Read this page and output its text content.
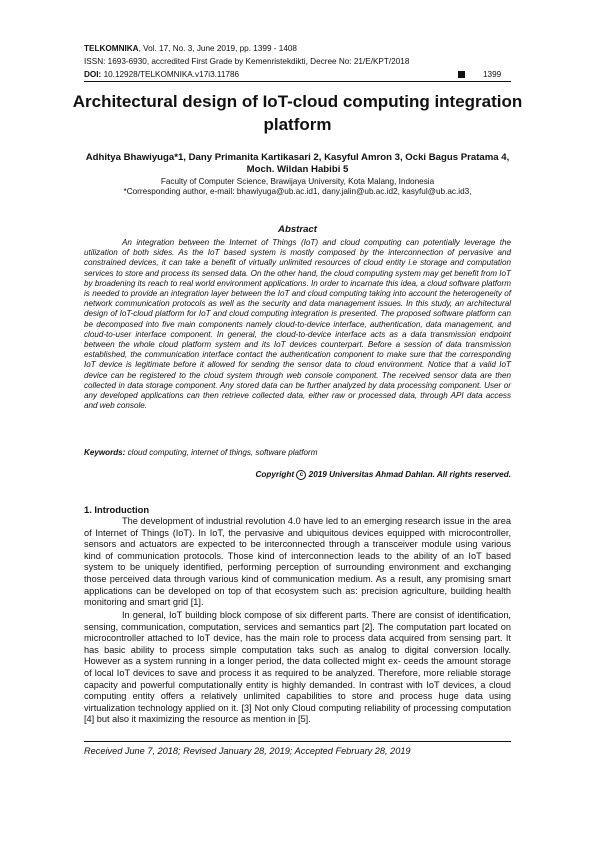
TELKOMNIKA, Vol. 17, No. 3, June 2019, pp. 1399 - 1408
ISSN: 1693-6930, accredited First Grade by Kemenristekdikti, Decree No: 21/E/KPT/2018
DOI: 10.12928/TELKOMNIKA.v17i3.11786	1399
Architectural design of IoT-cloud computing integration platform
Adhitya Bhawiyuga*1, Dany Primanita Kartikasari 2, Kasyful Amron 3, Ocki Bagus Pratama 4, Moch. Wildan Habibi 5
Faculty of Computer Science, Brawijaya University, Kota Malang, Indonesia
*Corresponding author, e-mail: bhawiyuga@ub.ac.id1, dany.jalin@ub.ac.id2, kasyful@ub.ac.id3,
Abstract
An integration between the Internet of Things (IoT) and cloud computing can potentially leverage the utilization of both sides. As the IoT based system is mostly composed by the interconnection of pervasive and constrained devices, it can take a benefit of virtually unlimited resources of cloud entity i.e storage and computation services to store and process its sensed data. On the other hand, the cloud computing system may get benefit from IoT by broadening its reach to real world environment applications. In order to incarnate this idea, a cloud software platform is needed to provide an integration layer between the IoT and cloud computing taking into account the heterogeneity of network communication protocols as well as the security and data management issues. In this study, an architectural design of IoT-cloud platform for IoT and cloud computing integration is presented. The proposed software platform can be decomposed into five main components namely cloud-to-device interface, authentication, data management, and cloud-to-user interface component. In general, the cloud-to-device interface acts as a data transmission endpoint between the whole cloud platform system and its IoT devices counterpart. Before a session of data transmission established, the communication interface contact the authentication component to make sure that the corresponding IoT device is legitimate before it allowed for sending the sensor data to cloud environment. Notice that a valid IoT device can be registered to the cloud system through web console component. The received sensor data are then collected in data storage component. Any stored data can be further analyzed by data processing component. User or any developed applications can then retrieve collected data, either raw or processed data, through API data access and web console.
Keywords: cloud computing, internet of things, software platform
Copyright c 2019 Universitas Ahmad Dahlan. All rights reserved.
1. Introduction
The development of industrial revolution 4.0 have led to an emerging research issue in the area of Internet of Things (IoT). In IoT, the pervasive and ubiquitous devices equipped with microcontroller, sensors and actuators are expected to be interconnected through a transceiver module using various kind of communication protocols. Those kind of interconnection leads to the ability of an IoT based system to be uniquely identified, performing perception of surrounding environment and exchanging those perceived data through various kind of communication medium. As a result, any promising smart applications can be developed on top of that ecosystem such as: precision agriculture, building health monitoring and smart grid [1].
In general, IoT building block compose of six different parts. There are consist of identification, sensing, communication, computation, services and semantics part [2]. The computation part located on microcontroller attached to IoT device, has the main role to process data acquired from sensing part. It has basic ability to process simple computation taks such as analog to digital conversion locally. However as a system running in a longer period, the data collected might ex- ceeds the amount storage of local IoT devices to save and process it as required to be analyzed. Therefore, more reliable storage capacity and powerful computationally entity is highly demanded. In contrast with IoT devices, a cloud computing entity offers a relatively unlimited capabilities to store and process huge data using virtualization technology applied on it. [3] Not only Cloud computing reliability of processing computation [4] but also it maximizing the resource as mention in [5].
Received June 7, 2018; Revised January 28, 2019; Accepted February 28, 2019
